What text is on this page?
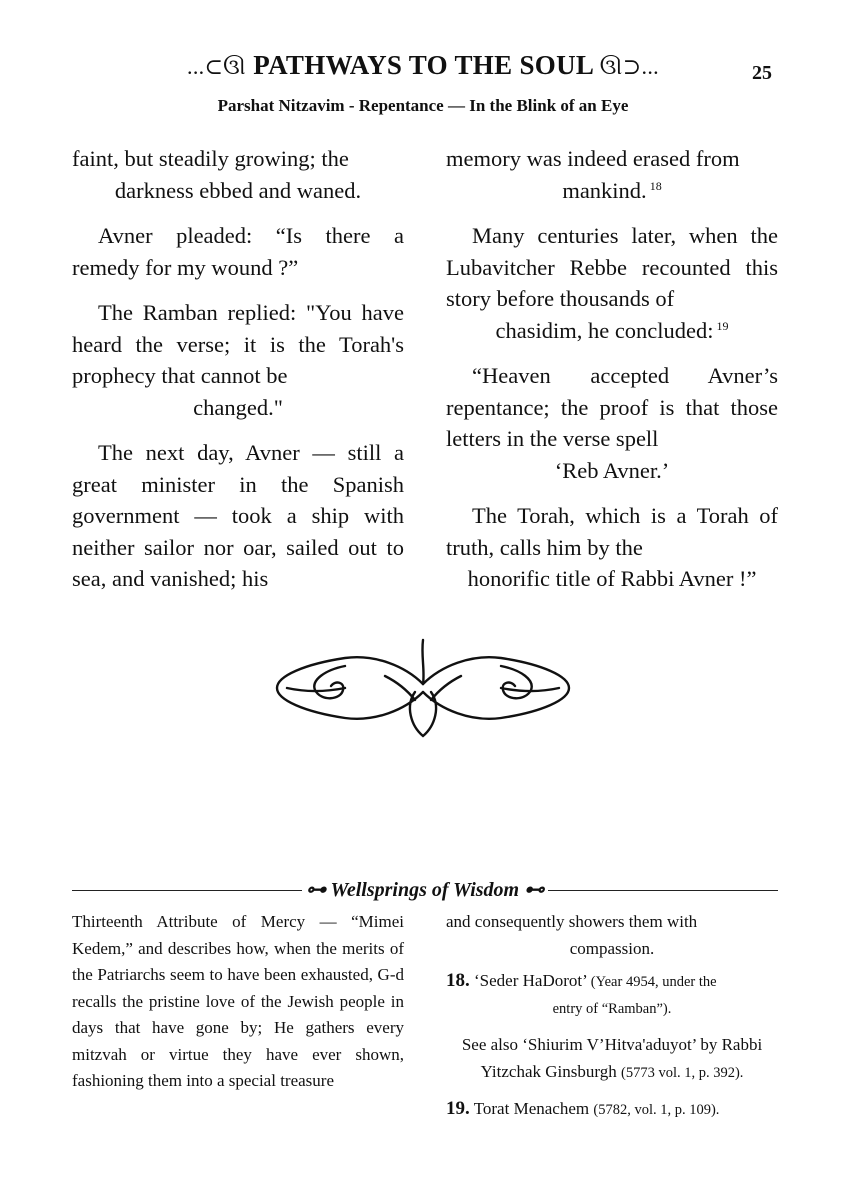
...⊂ઊ PATHWAYS TO THE SOUL ઊ⊃...	25
Parshat Nitzavim - Repentance — In the Blink of an Eye

faint, but steadily growing; the
darkness ebbed and waned.

Avner pleaded: “Is there a remedy for my wound ?”

The Ramban replied: "You have heard the verse; it is the Torah's prophecy that cannot be
changed."

The next day, Avner — still a great minister in the Spanish government — took a ship with neither sailor nor oar, sailed out to sea, and vanished; his

memory was indeed erased from
mankind. $^{18}$

Many centuries later, when the Lubavitcher Rebbe recounted this story before thousands of
chasidim, he concluded: $^{19}$

“Heaven accepted Avner’s repentance; the proof is that those letters in the verse spell
‘Reb Avner.’

The Torah, which is a Torah of truth, calls him by the
honorific title of Rabbi Avner !”

⊶ Wellsprings of Wisdom ⊷

Thirteenth Attribute of Mercy — “Mimei Kedem,” and describes how, when the merits of the Patriarchs seem to have been exhausted, G-d recalls the pristine love of the Jewish people in days that have gone by; He gathers every mitzvah or virtue they have ever shown, fashioning them into a special treasure

and consequently showers them with
compassion.

18. ‘Seder HaDorot’ (Year 4954, under the
entry of “Ramban”).

See also ‘Shiurim V’Hitva'aduyot’ by Rabbi Yitzchak Ginsburgh (5773 vol. 1, p. 392).

19. Torat Menachem (5782, vol. 1, p. 109).
